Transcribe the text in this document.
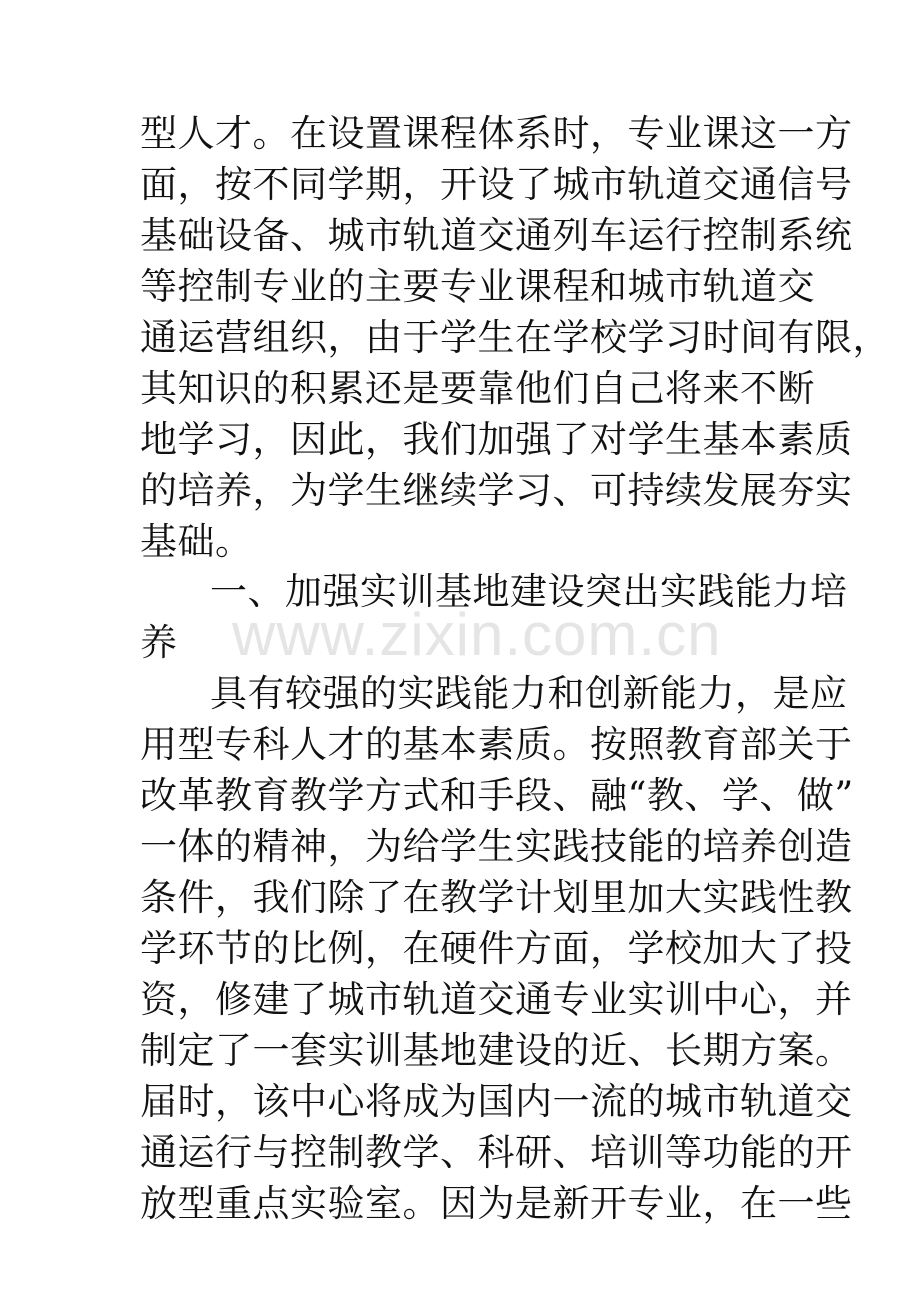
型人才。在设置课程体系时，专业课这一方
面，按不同学期，开设了城市轨道交通信号
基础设备、城市轨道交通列车运行控制系统
等控制专业的主要专业课程和城市轨道交
通运营组织，由于学生在学校学习时间有限，
其知识的积累还是要靠他们自己将来不断
地学习，因此，我们加强了对学生基本素质
的培养，为学生继续学习、可持续发展夯实
基础。
一、加强实训基地建设突出实践能力培
养
具有较强的实践能力和创新能力，是应
用型专科人才的基本素质。按照教育部关于
改革教育教学方式和手段、融“教、学、做”
一体的精神，为给学生实践技能的培养创造
条件，我们除了在教学计划里加大实践性教
学环节的比例，在硬件方面，学校加大了投
资，修建了城市轨道交通专业实训中心，并
制定了一套实训基地建设的近、长期方案。
届时，该中心将成为国内一流的城市轨道交
通运行与控制教学、科研、培训等功能的开
放型重点实验室。因为是新开专业，在一些
www.zixin.com.cn
